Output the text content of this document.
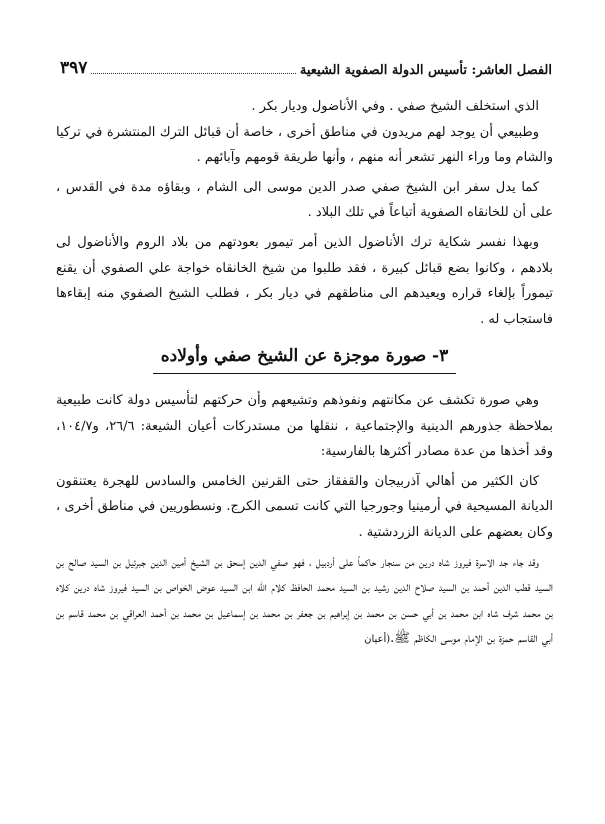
الفصل العاشر: تأسيس الدولة الصفوية الشيعية
٣٩٧

الذي استخلف الشيخ صفي . وفي الأناضول وديار بكر .

وطبيعي أن يوجد لهم مريدون في مناطق أخرى ، خاصة أن قبائل الترك المنتشرة في تركيا والشام وما وراء النهر تشعر أنه منهم ، وأنها طريقة قومهم وآبائهم .

كما يدل سفر ابن الشيخ صفي صدر الدين موسى الى الشام ، وبقاؤه مدة في القدس ، على أن للخانقاه الصفوية أتباعاً في تلك البلاد .

وبهذا نفسر شكاية ترك الأناضول الذين أمر تيمور بعودتهم من بلاد الروم والأناضول لى بلادهم ، وكانوا بضع قبائل كبيرة ، فقد طلبوا من شيخ الخانقاه خواجة علي الصفوي أن يقنع تيموراً بإلغاء قراره ويعيدهم الى مناطقهم في ديار بكر ، فطلب الشيخ الصفوي منه إبقاءها فاستجاب له .

٣- صورة موجزة عن الشيخ صفي وأولاده

وهي صورة تكشف عن مكانتهم ونفوذهم وتشيعهم وأن حركتهم لتأسيس دولة كانت طبيعية بملاحظة جذورهم الدينية والإجتماعية ، ننقلها من مستدركات أعيان الشيعة: ٢٦/٦، و١٠٤/٧، وقد أخذها من عدة مصادر أكثرها بالفارسية:

كان الكثير من أهالي آذربيجان والقفقاز حتى القرنين الخامس والسادس للهجرة يعتنقون الديانة المسيحية في أرمينيا وجورجيا التي كانت تسمى الكرج. ونسطوريين في مناطق أخرى ، وكان بعضهم على الديانة الزردشتية .

وقد جاء جد الاسرة فيروز شاه درين من سنجار حاكماً على أردبيل ، فهو صفي الدين إسحق بن الشيخ أمين الدين جبرئيل بن السيد صالح بن السيد قطب الدين أحمد بن السيد صلاح الدين رشيد بن السيد محمد الحافظ كلام الله ابن السيد عوض الخواص بن السيد فيروز شاه درين كلاه بن محمد شرف شاه ابن محمد بن أبي حسن بن محمد بن إبراهيم بن جعفر بن محمد بن إسماعيل بن محمد بن أحمد العراقي بن محمد قاسم بن أبي القاسم حمزة بن الإمام موسى الكاظم ﷺ.(أعيان
